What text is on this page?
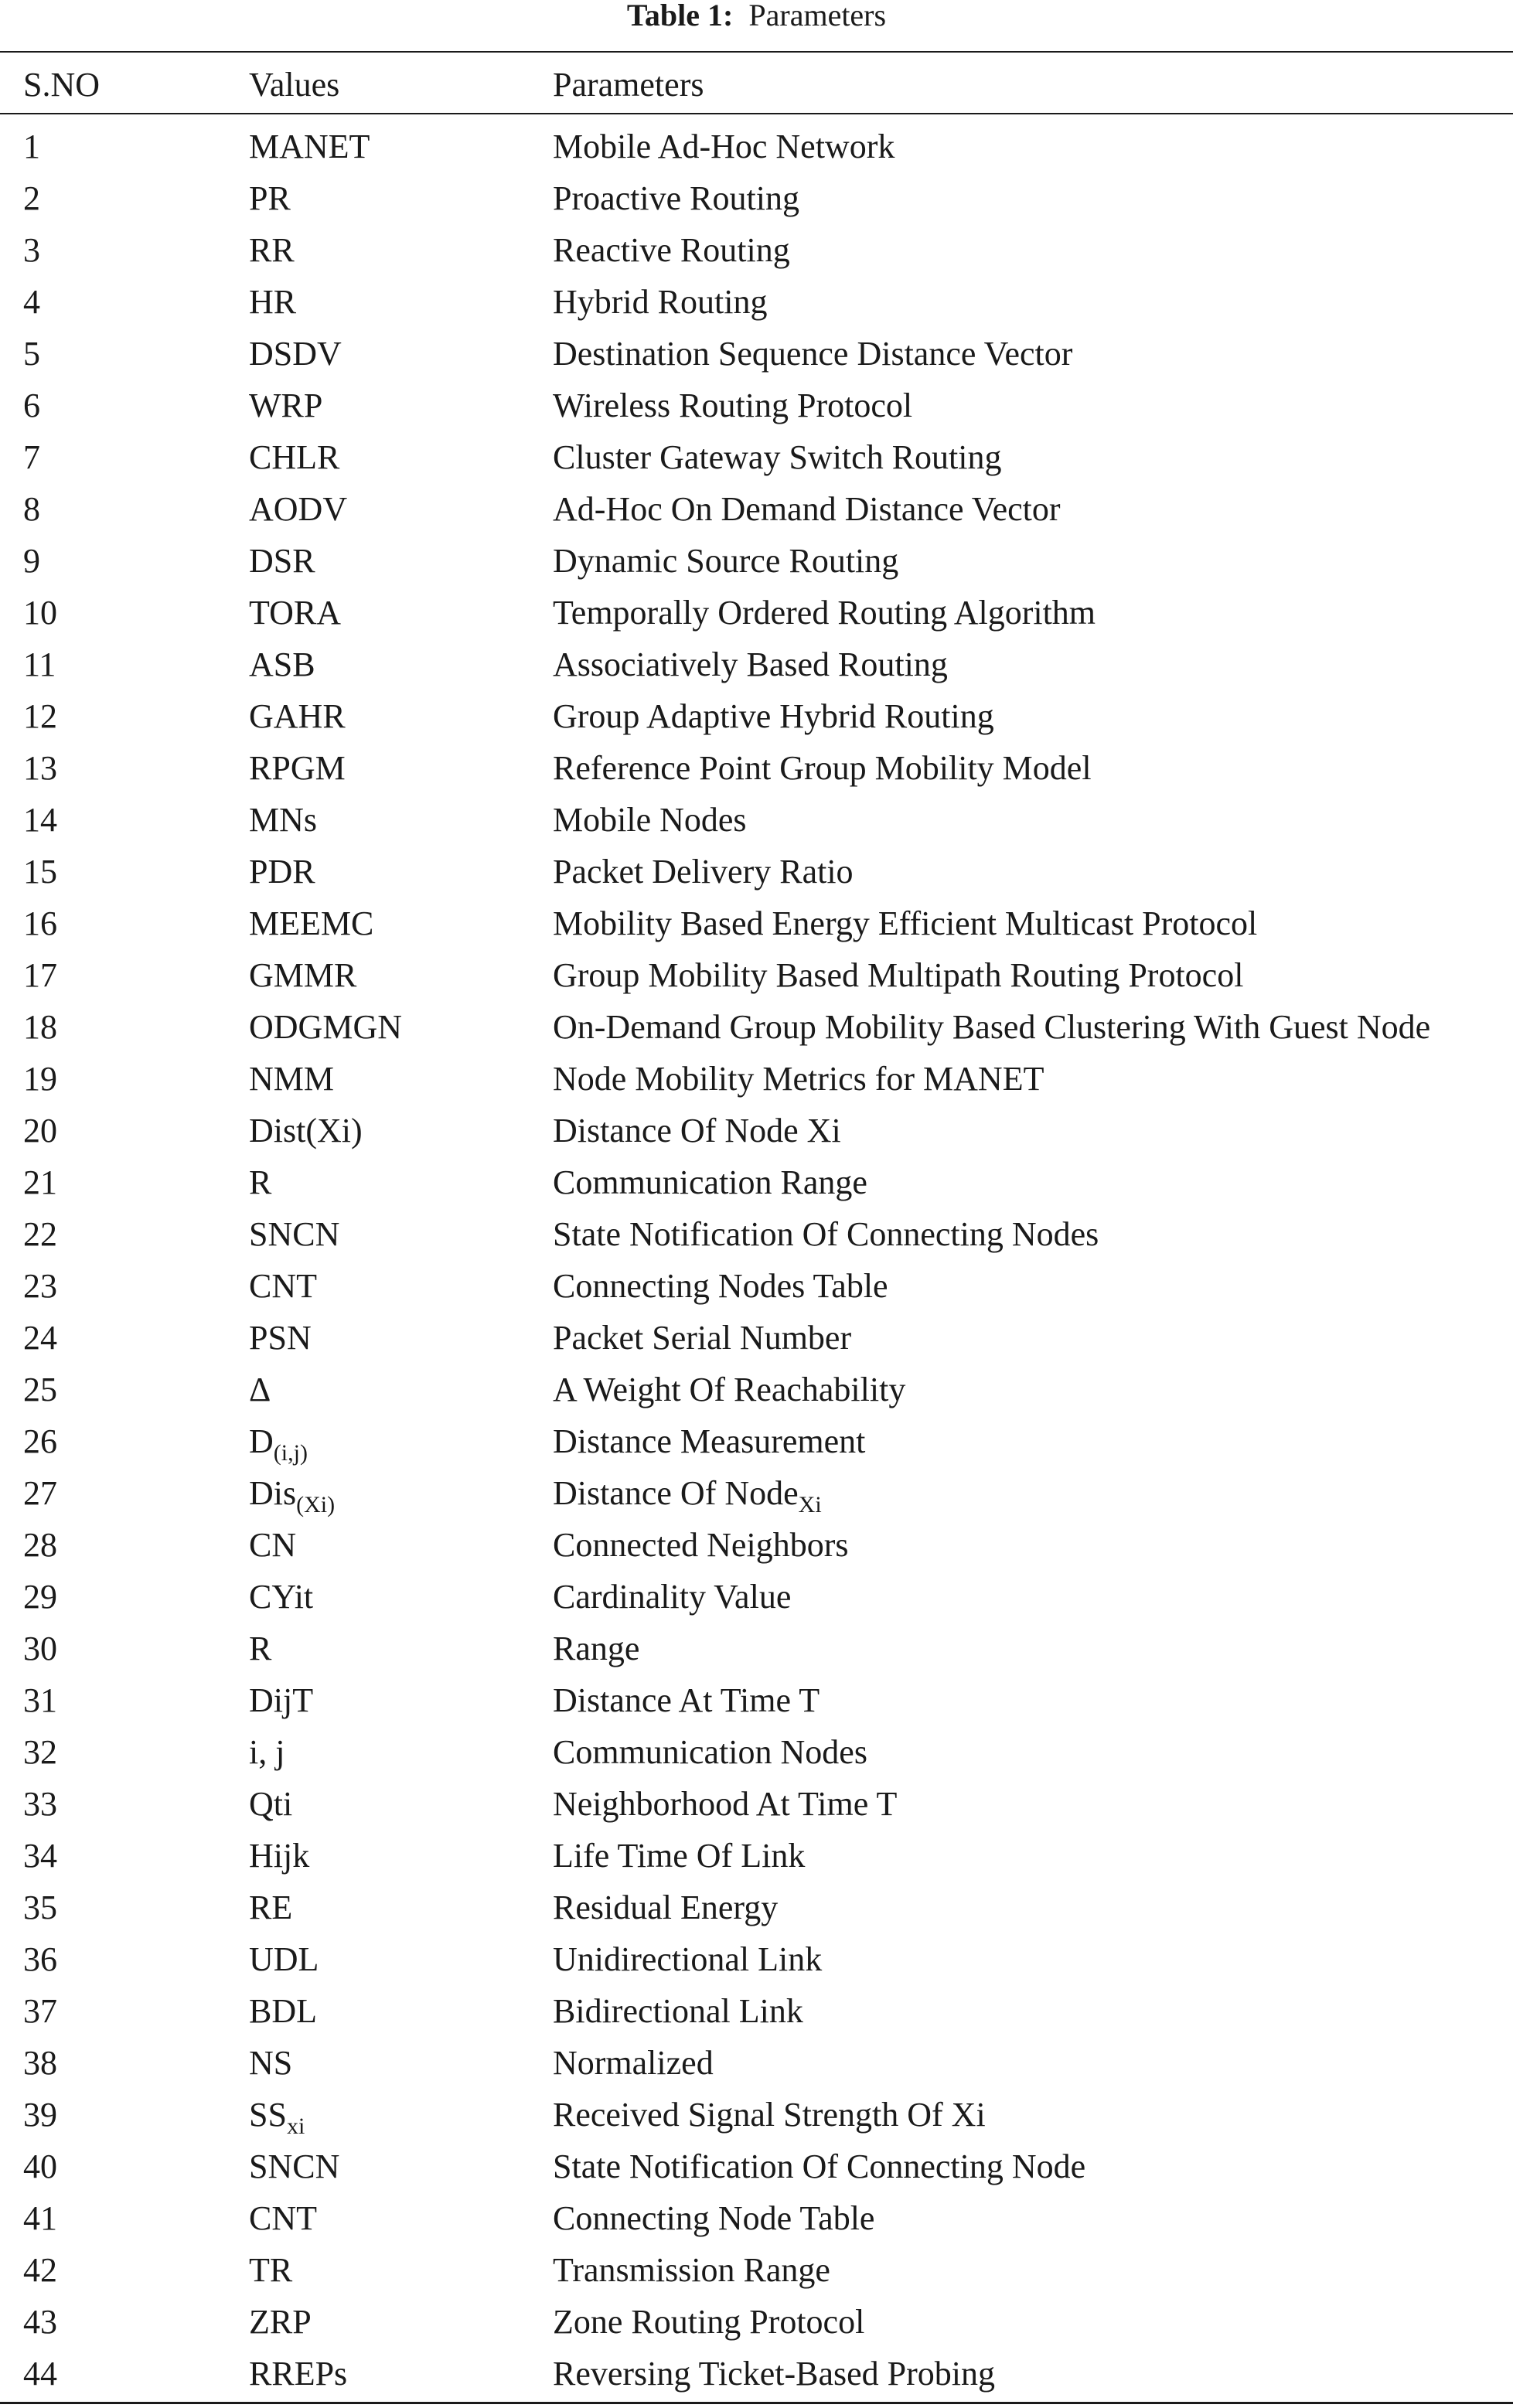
Table 1: Parameters
S.NO	Values	Parameters
1	MANET	Mobile Ad-Hoc Network
2	PR	Proactive Routing
3	RR	Reactive Routing
4	HR	Hybrid Routing
5	DSDV	Destination Sequence Distance Vector
6	WRP	Wireless Routing Protocol
7	CHLR	Cluster Gateway Switch Routing
8	AODV	Ad-Hoc On Demand Distance Vector
9	DSR	Dynamic Source Routing
10	TORA	Temporally Ordered Routing Algorithm
11	ASB	Associatively Based Routing
12	GAHR	Group Adaptive Hybrid Routing
13	RPGM	Reference Point Group Mobility Model
14	MNs	Mobile Nodes
15	PDR	Packet Delivery Ratio
16	MEEMC	Mobility Based Energy Efficient Multicast Protocol
17	GMMR	Group Mobility Based Multipath Routing Protocol
18	ODGMGN	On-Demand Group Mobility Based Clustering With Guest Node
19	NMM	Node Mobility Metrics for MANET
20	Dist(Xi)	Distance Of Node Xi
21	R	Communication Range
22	SNCN	State Notification Of Connecting Nodes
23	CNT	Connecting Nodes Table
24	PSN	Packet Serial Number
25	Δ	A Weight Of Reachability
26	$D_{(i,j)}$	Distance Measurement
27	Dis$_{(Xi)}$	Distance Of Node$_{Xi}$
28	CN	Connected Neighbors
29	CYit	Cardinality Value
30	R	Range
31	DijT	Distance At Time T
32	i, j	Communication Nodes
33	Qti	Neighborhood At Time T
34	Hijk	Life Time Of Link
35	RE	Residual Energy
36	UDL	Unidirectional Link
37	BDL	Bidirectional Link
38	NS	Normalized
39	$SS_{xi}$	Received Signal Strength Of Xi
40	SNCN	State Notification Of Connecting Node
41	CNT	Connecting Node Table
42	TR	Transmission Range
43	ZRP	Zone Routing Protocol
44	RREPs	Reversing Ticket-Based Probing
